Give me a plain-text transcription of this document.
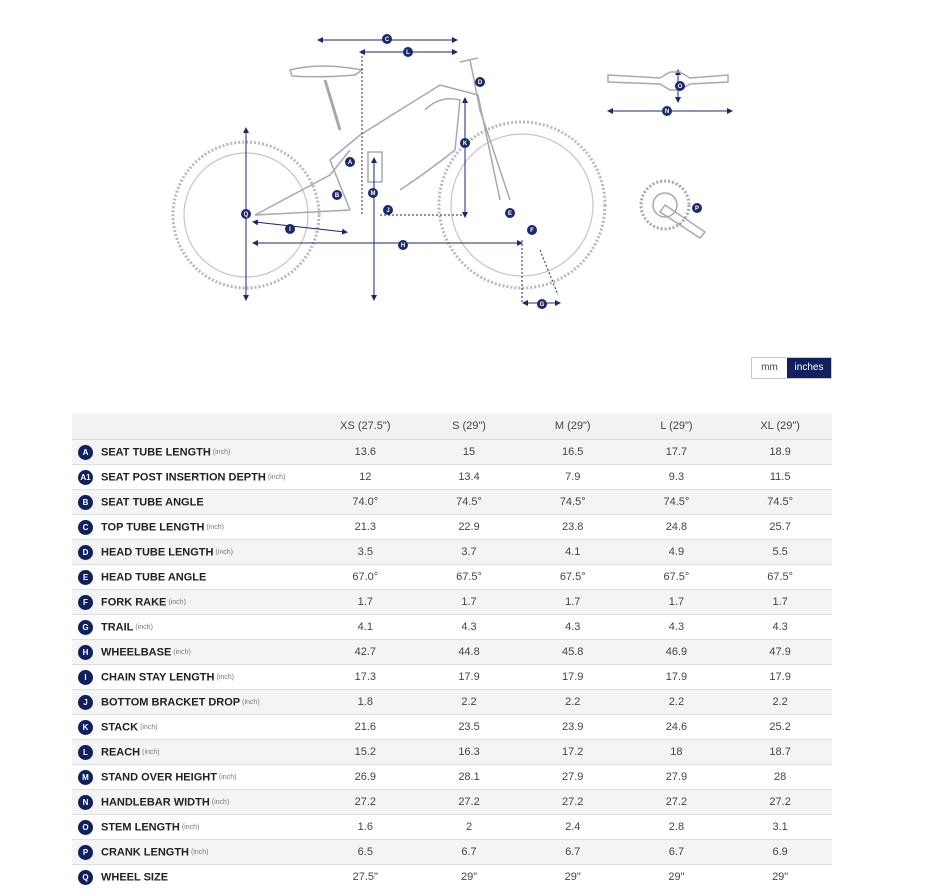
C
L
D
K
A
B	M
J	E
F
Q
I
H
G
O
N
P
mm	inches
	XS (27.5")	S (29")	M (29")	L (29")	XL (29")
A SEAT TUBE LENGTH (inch)	13.6	15	16.5	17.7	18.9
A1 SEAT POST INSERTION DEPTH (inch)	12	13.4	7.9	9.3	11.5
B SEAT TUBE ANGLE	74.0°	74.5°	74.5°	74.5°	74.5°
C TOP TUBE LENGTH (inch)	21.3	22.9	23.8	24.8	25.7
D HEAD TUBE LENGTH (inch)	3.5	3.7	4.1	4.9	5.5
E HEAD TUBE ANGLE	67.0°	67.5°	67.5°	67.5°	67.5°
F FORK RAKE (inch)	1.7	1.7	1.7	1.7	1.7
G TRAIL (inch)	4.1	4.3	4.3	4.3	4.3
H WHEELBASE (inch)	42.7	44.8	45.8	46.9	47.9
I CHAIN STAY LENGTH (inch)	17.3	17.9	17.9	17.9	17.9
J BOTTOM BRACKET DROP (inch)	1.8	2.2	2.2	2.2	2.2
K STACK (inch)	21.6	23.5	23.9	24.6	25.2
L REACH (inch)	15.2	16.3	17.2	18	18.7
M STAND OVER HEIGHT (inch)	26.9	28.1	27.9	27.9	28
N HANDLEBAR WIDTH (inch)	27.2	27.2	27.2	27.2	27.2
O STEM LENGTH (inch)	1.6	2	2.4	2.8	3.1
P CRANK LENGTH (inch)	6.5	6.7	6.7	6.7	6.9
Q WHEEL SIZE	27.5"	29"	29"	29"	29"
